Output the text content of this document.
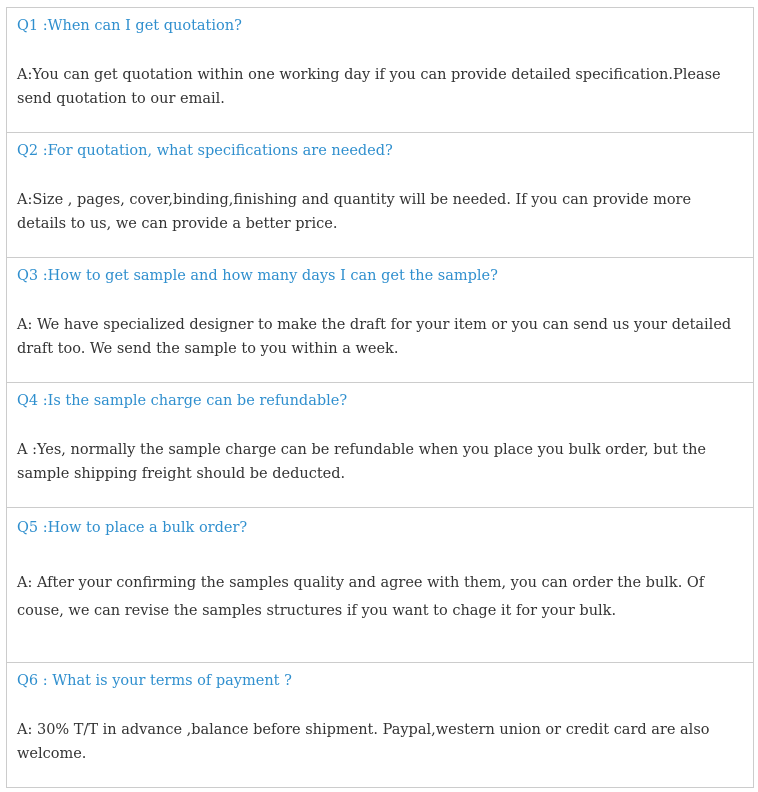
Q1 :When can I get quotation?

A:You can get quotation within one working day if you can provide detailed specification.Please send quotation to our email.

Q2 :For quotation, what specifications are needed?

A:Size , pages, cover,binding,finishing and quantity will be needed. If you can provide more details to us, we can provide a better price.

Q3 :How to get sample and how many days I can get the sample?

A: We have specialized designer to make the draft for your item or you can send us your detailed draft too. We send the sample to you within a week.

Q4 :Is the sample charge can be refundable?

A :Yes, normally the sample charge can be refundable when you place you bulk order, but the sample shipping freight should be deducted.

Q5 :How to place a bulk order?

A: After your confirming the samples quality and agree with them, you can order the bulk. Of couse, we can revise the samples structures if you want to chage it for your bulk.

Q6 : What is your terms of payment ?

A: 30% T/T in advance ,balance before shipment. Paypal,western union or credit card are also welcome.
